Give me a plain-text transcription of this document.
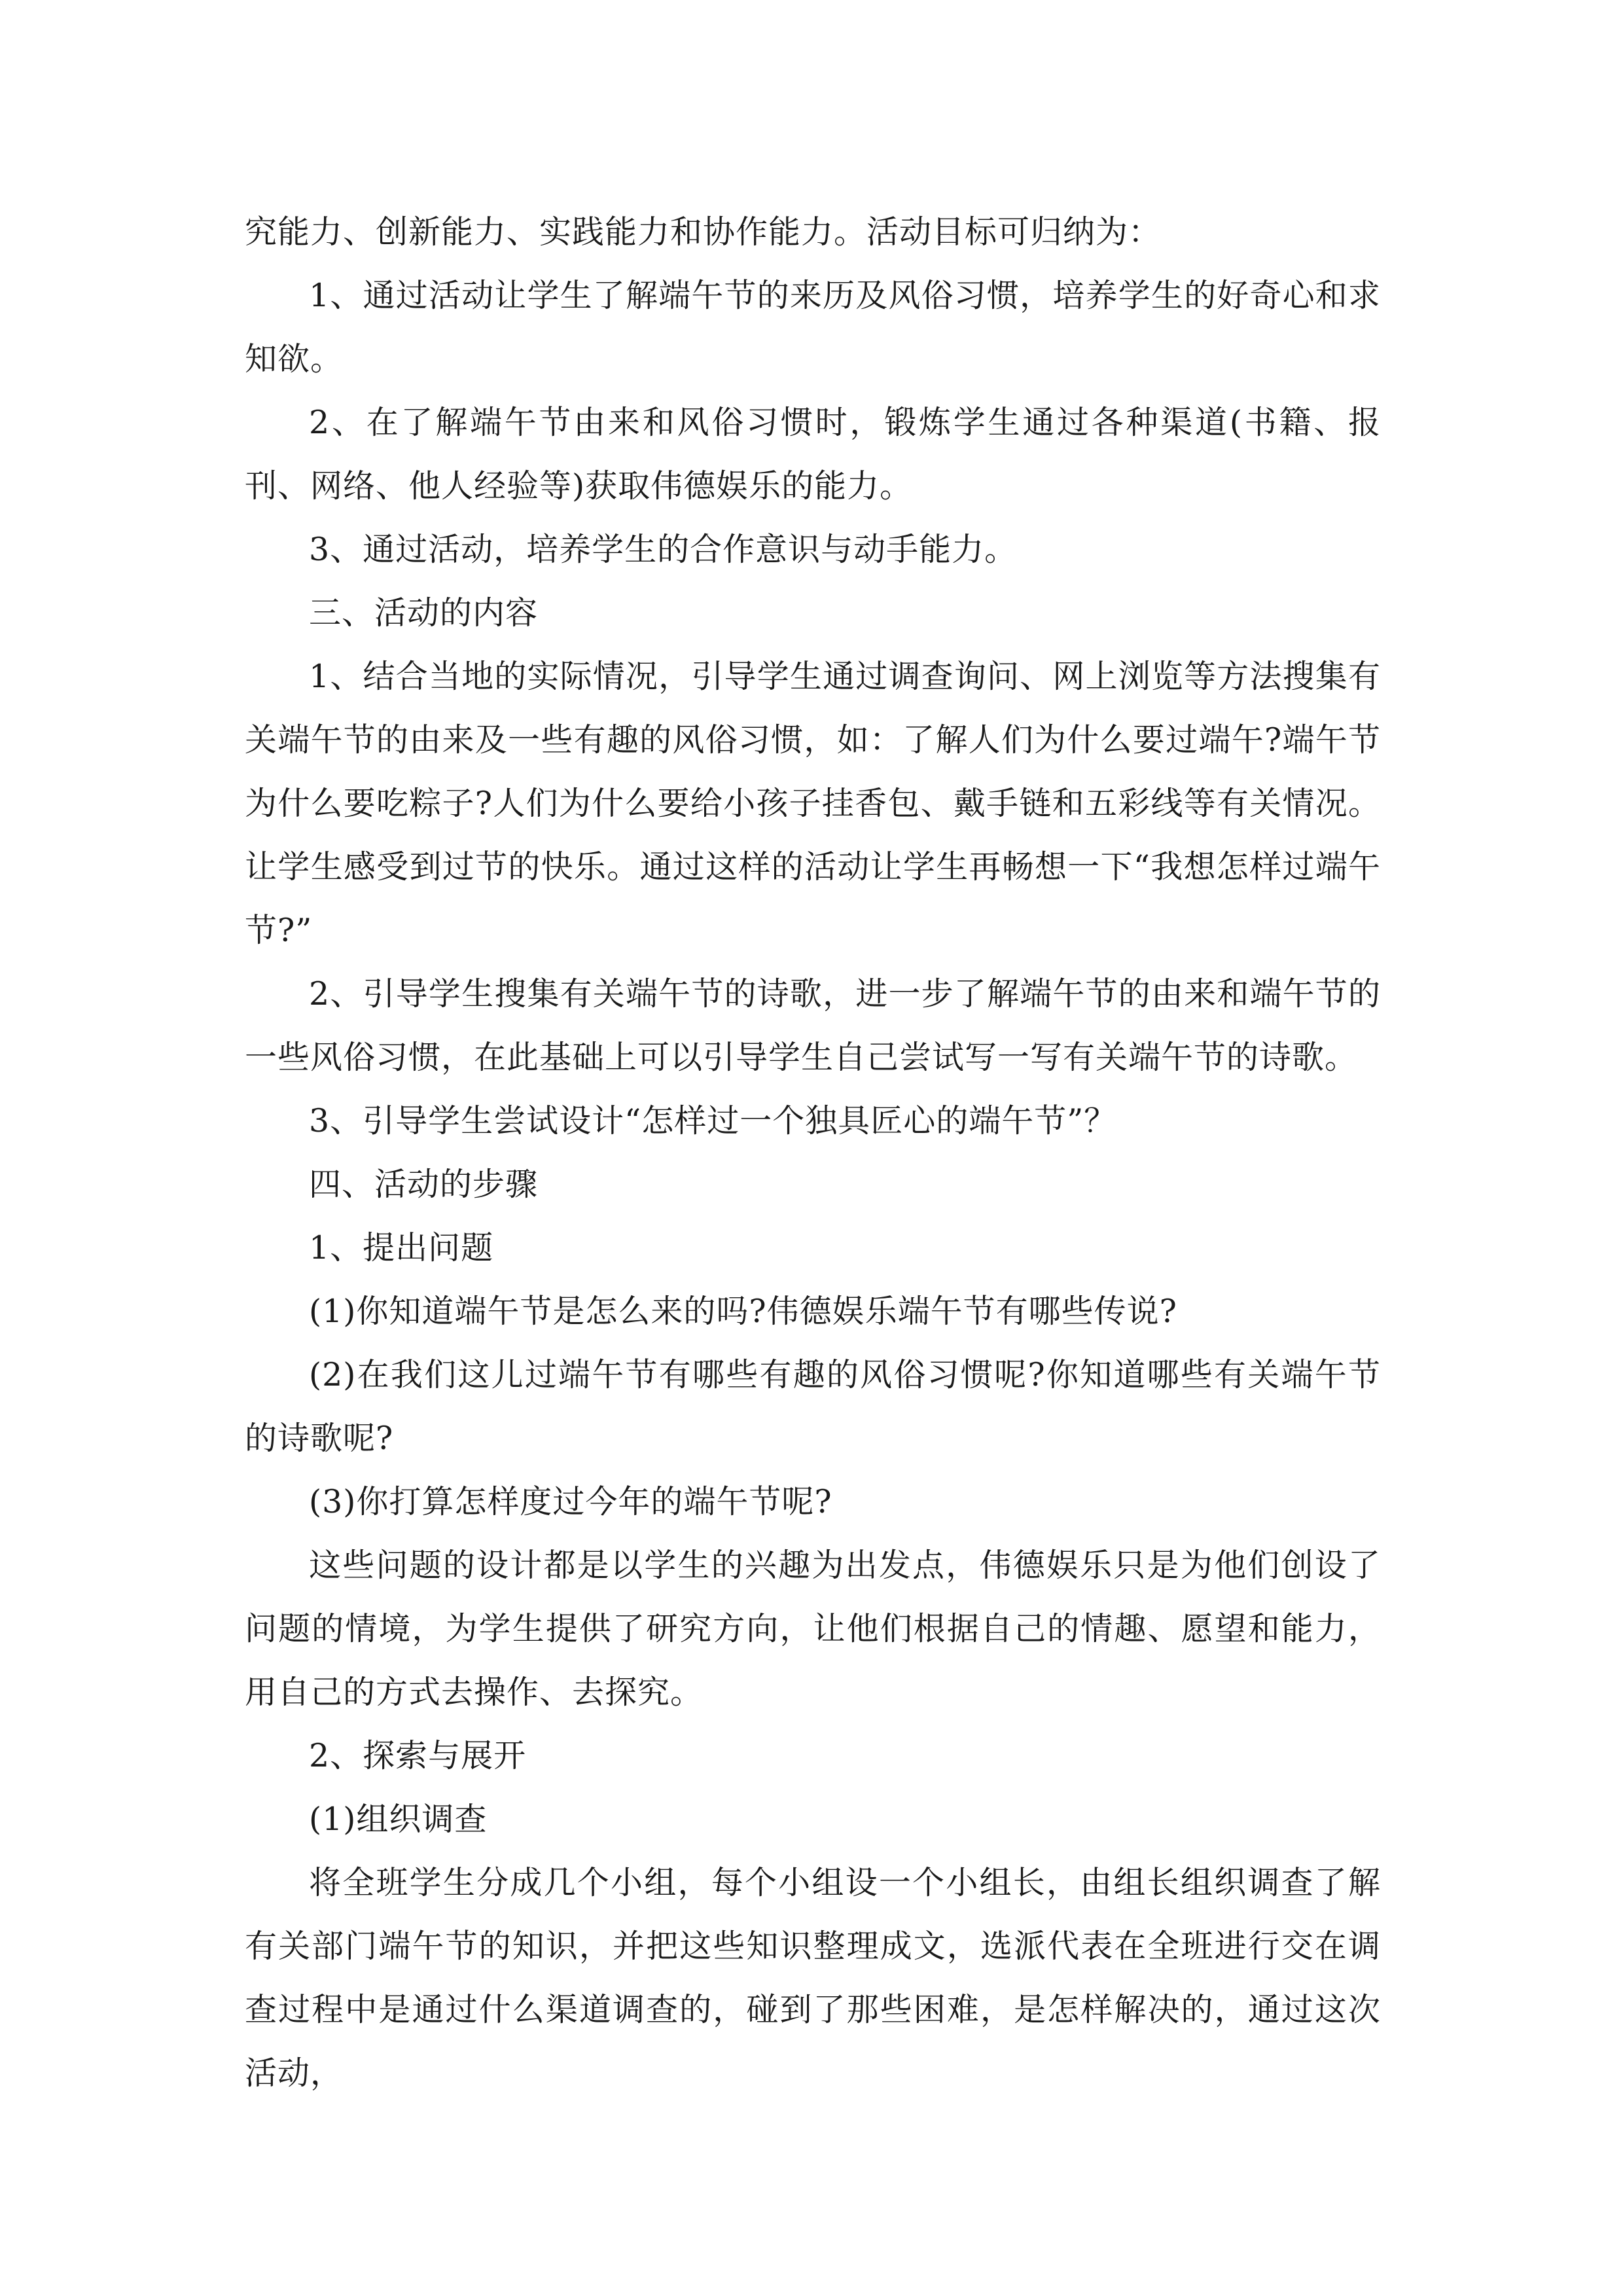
究能力、创新能力、实践能力和协作能力。活动目标可归纳为：

1、通过活动让学生了解端午节的来历及风俗习惯，培养学生的好奇心和求知欲。

2、在了解端午节由来和风俗习惯时，锻炼学生通过各种渠道(书籍、报刊、网络、他人经验等)获取伟德娱乐的能力。

3、通过活动，培养学生的合作意识与动手能力。

三、活动的内容

1、结合当地的实际情况，引导学生通过调查询问、网上浏览等方法搜集有关端午节的由来及一些有趣的风俗习惯，如：了解人们为什么要过端午?端午节为什么要吃粽子?人们为什么要给小孩子挂香包、戴手链和五彩线等有关情况。让学生感受到过节的快乐。通过这样的活动让学生再畅想一下“我想怎样过端午节?”

2、引导学生搜集有关端午节的诗歌，进一步了解端午节的由来和端午节的一些风俗习惯，在此基础上可以引导学生自己尝试写一写有关端午节的诗歌。

3、引导学生尝试设计“怎样过一个独具匠心的端午节”？

四、活动的步骤

1、提出问题

(1)你知道端午节是怎么来的吗?伟德娱乐端午节有哪些传说?

(2)在我们这儿过端午节有哪些有趣的风俗习惯呢?你知道哪些有关端午节的诗歌呢?

(3)你打算怎样度过今年的端午节呢?

这些问题的设计都是以学生的兴趣为出发点，伟德娱乐只是为他们创设了问题的情境，为学生提供了研究方向，让他们根据自己的情趣、愿望和能力，用自己的方式去操作、去探究。

2、探索与展开

(1)组织调查

将全班学生分成几个小组，每个小组设一个小组长，由组长组织调查了解有关部门端午节的知识，并把这些知识整理成文，选派代表在全班进行交在调查过程中是通过什么渠道调查的，碰到了那些困难，是怎样解决的，通过这次活动，
